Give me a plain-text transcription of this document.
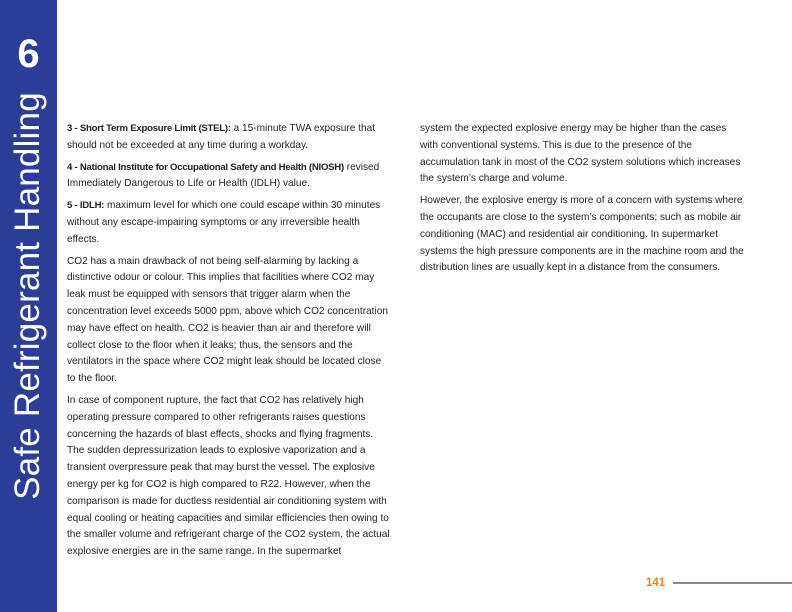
6
Safe Refrigerant Handling 3 - Short Term Exposure Limit (STEL): a 15-minute TWA exposure that should not be exceeded at any time during a workday.

4 - National Institute for Occupational Safety and Health (NIOSH) revised Immediately Dangerous to Life or Health (IDLH) value.

5 - IDLH: maximum level for which one could escape within 30 minutes without any escape-impairing symptoms or any irreversible health effects.

CO2 has a main drawback of not being self-alarming by lacking a distinctive odour or colour. This implies that facilities where CO2 may leak must be equipped with sensors that trigger alarm when the concentration level exceeds 5000 ppm, above which CO2 concentration may have effect on health. CO2 is heavier than air and therefore will collect close to the floor when it leaks; thus, the sensors and the ventilators in the space where CO2 might leak should be located close to the floor.

In case of component rupture, the fact that CO2 has relatively high operating pressure compared to other refrigerants raises questions concerning the hazards of blast effects, shocks and flying fragments. The sudden depressurization leads to explosive vaporization and a transient overpressure peak that may burst the vessel. The explosive energy per kg for CO2 is high compared to R22. However, when the comparison is made for ductless residential air conditioning system with equal cooling or heating capacities and similar efficiencies then owing to the smaller volume and refrigerant charge of the CO2 system, the actual explosive energies are in the same range. In the supermarket

system the expected explosive energy may be higher than the cases with conventional systems. This is due to the presence of the accumulation tank in most of the CO2 system solutions which increases the system’s charge and volume.

However, the explosive energy is more of a concern with systems where the occupants are close to the system’s components; such as mobile air conditioning (MAC) and residential air conditioning. In supermarket systems the high pressure components are in the machine room and the distribution lines are usually kept in a distance from the consumers.

141
